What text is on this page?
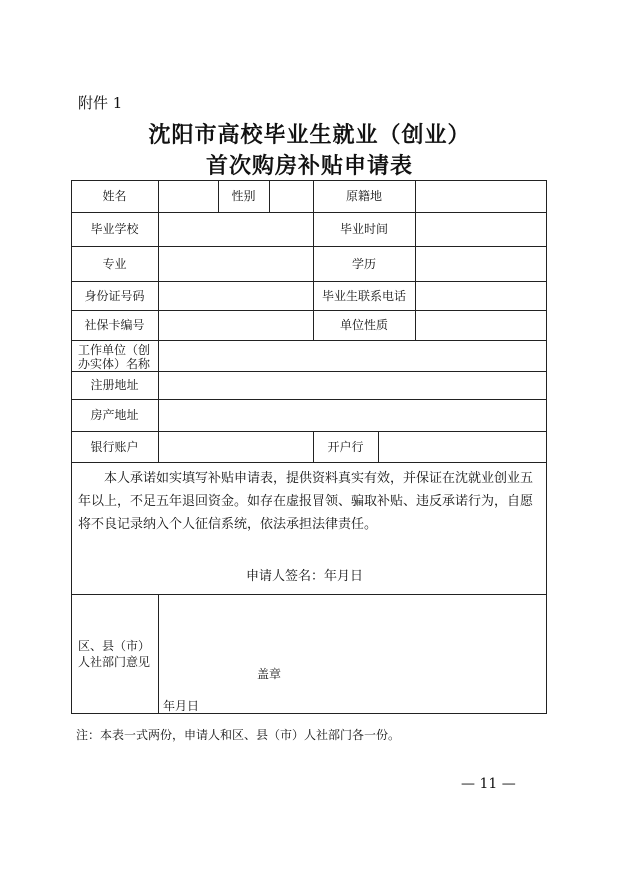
附件 1
沈阳市高校毕业生就业（创业）
首次购房补贴申请表
姓名	性别	原籍地
毕业学校	毕业时间
专业	学历
身份证号码	毕业生联系电话
社保卡编号	单位性质
工作单位（创
办实体）名称
注册地址
房产地址
银行账户	开户行
本人承诺如实填写补贴申请表，提供资料真实有效，并保证在沈就业创业五年以上，不足五年退回资金。如存在虚报冒领、骗取补贴、违反承诺行为，自愿将不良记录纳入个人征信系统，依法承担法律责任。
申请人签名：年月日
区、县（市）
人社部门意见
盖章
年月日
注：本表一式两份，申请人和区、县（市）人社部门各一份。
— 11 —
